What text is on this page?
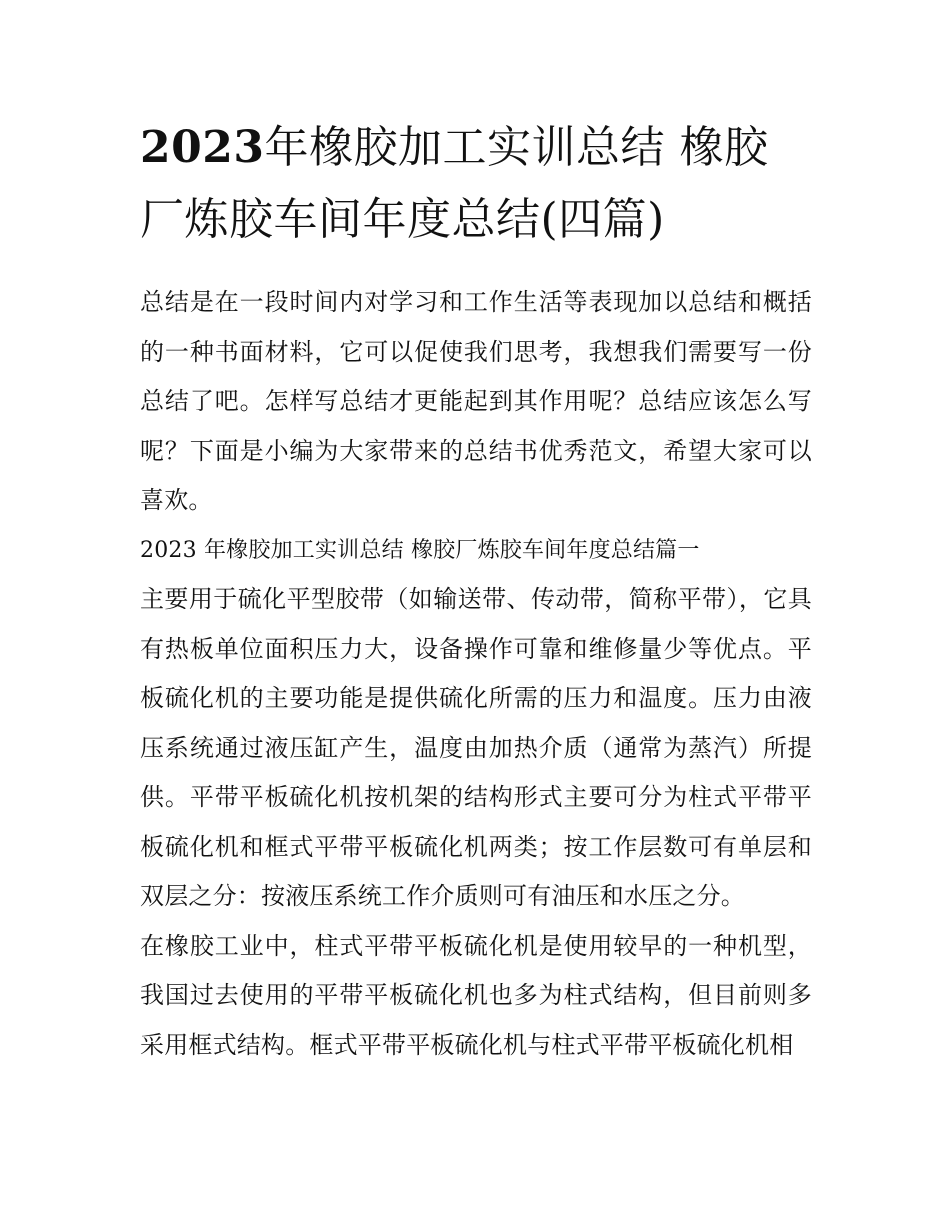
2023年橡胶加工实训总结 橡胶厂炼胶车间年度总结(四篇)

总结是在一段时间内对学习和工作生活等表现加以总结和概括的一种书面材料，它可以促使我们思考，我想我们需要写一份总结了吧。怎样写总结才更能起到其作用呢？总结应该怎么写呢？下面是小编为大家带来的总结书优秀范文，希望大家可以喜欢。

2023 年橡胶加工实训总结 橡胶厂炼胶车间年度总结篇一

主要用于硫化平型胶带（如输送带、传动带，简称平带），它具有热板单位面积压力大，设备操作可靠和维修量少等优点。平板硫化机的主要功能是提供硫化所需的压力和温度。压力由液压系统通过液压缸产生，温度由加热介质（通常为蒸汽）所提供。平带平板硫化机按机架的结构形式主要可分为柱式平带平板硫化机和框式平带平板硫化机两类；按工作层数可有单层和双层之分：按液压系统工作介质则可有油压和水压之分。

在橡胶工业中，柱式平带平板硫化机是使用较早的一种机型，我国过去使用的平带平板硫化机也多为柱式结构，但目前则多采用框式结构。框式平带平板硫化机与柱式平带平板硫化机相
